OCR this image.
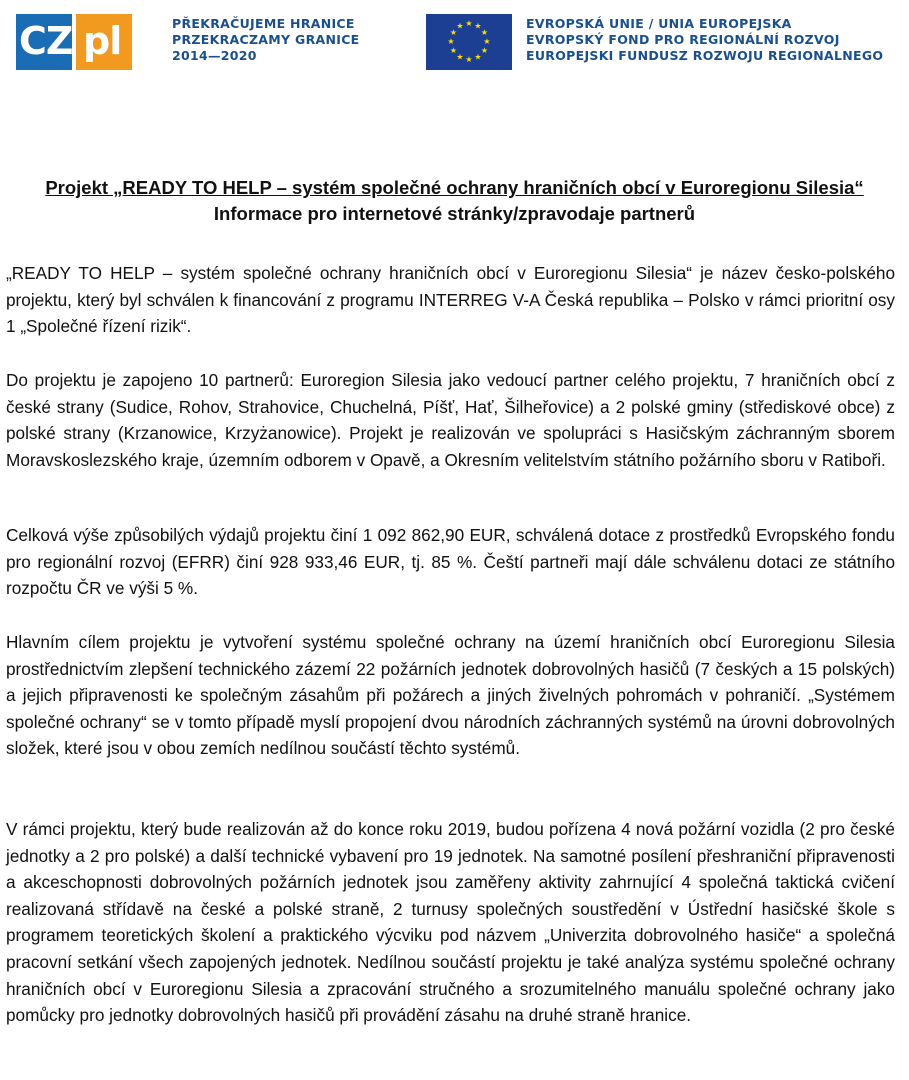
CZ pl	PŘEKRAČUJEME HRANICE
PRZEKRACZAMY GRANICE
2014—2020
★ ★
★
★
★
★
★
★
★
★
★
★	EVROPSKÁ UNIE / UNIA EUROPEJSKA
EVROPSKÝ FOND PRO REGIONÁLNÍ ROZVOJ
EUROPEJSKI FUNDUSZ ROZWOJU REGIONALNEGO
Projekt „READY TO HELP – systém společné ochrany hraničních obcí v Euroregionu Silesia“
Informace pro internetové stránky/zpravodaje partnerů

„READY TO HELP – systém společné ochrany hraničních obcí v Euroregionu Silesia“ je název česko-polského projektu, který byl schválen k financování z programu INTERREG V-A Česká republika – Polsko v rámci prioritní osy 1 „Společné řízení rizik“.

Do projektu je zapojeno 10 partnerů: Euroregion Silesia jako vedoucí partner celého projektu, 7 hraničních obcí z české strany (Sudice, Rohov, Strahovice, Chuchelná, Píšť, Hať, Šilheřovice) a 2 polské gminy (střediskové obce) z polské strany (Krzanowice, Krzyżanowice). Projekt je realizován ve spolupráci s Hasičským záchranným sborem Moravskoslezského kraje, územním odborem v Opavě, a Okresním velitelstvím státního požárního sboru v Ratiboři.

Celková výše způsobilých výdajů projektu činí 1 092 862,90 EUR, schválená dotace z prostředků Evropského fondu pro regionální rozvoj (EFRR) činí 928 933,46 EUR, tj. 85 %. Čeští partneři mají dále schválenu dotaci ze státního rozpočtu ČR ve výši 5 %.

Hlavním cílem projektu je vytvoření systému společné ochrany na území hraničních obcí Euroregionu Silesia prostřednictvím zlepšení technického zázemí 22 požárních jednotek dobrovolných hasičů (7 českých a 15 polských) a jejich připravenosti ke společným zásahům při požárech a jiných živelných pohromách v pohraničí. „Systémem společné ochrany“ se v tomto případě myslí propojení dvou národních záchranných systémů na úrovni dobrovolných složek, které jsou v obou zemích nedílnou součástí těchto systémů.

V rámci projektu, který bude realizován až do konce roku 2019, budou pořízena 4 nová požární vozidla (2 pro české jednotky a 2 pro polské) a další technické vybavení pro 19 jednotek. Na samotné posílení přeshraniční připravenosti a akceschopnosti dobrovolných požárních jednotek jsou zaměřeny aktivity zahrnující 4 společná taktická cvičení realizovaná střídavě na české a polské straně, 2 turnusy společných soustředění v Ústřední hasičské škole s programem teoretických školení a praktického výcviku pod názvem „Univerzita dobrovolného hasiče“ a společná pracovní setkání všech zapojených jednotek. Nedílnou součástí projektu je také analýza systému společné ochrany hraničních obcí v Euroregionu Silesia a zpracování stručného a srozumitelného manuálu společné ochrany jako pomůcky pro jednotky dobrovolných hasičů při provádění zásahu na druhé straně hranice.
